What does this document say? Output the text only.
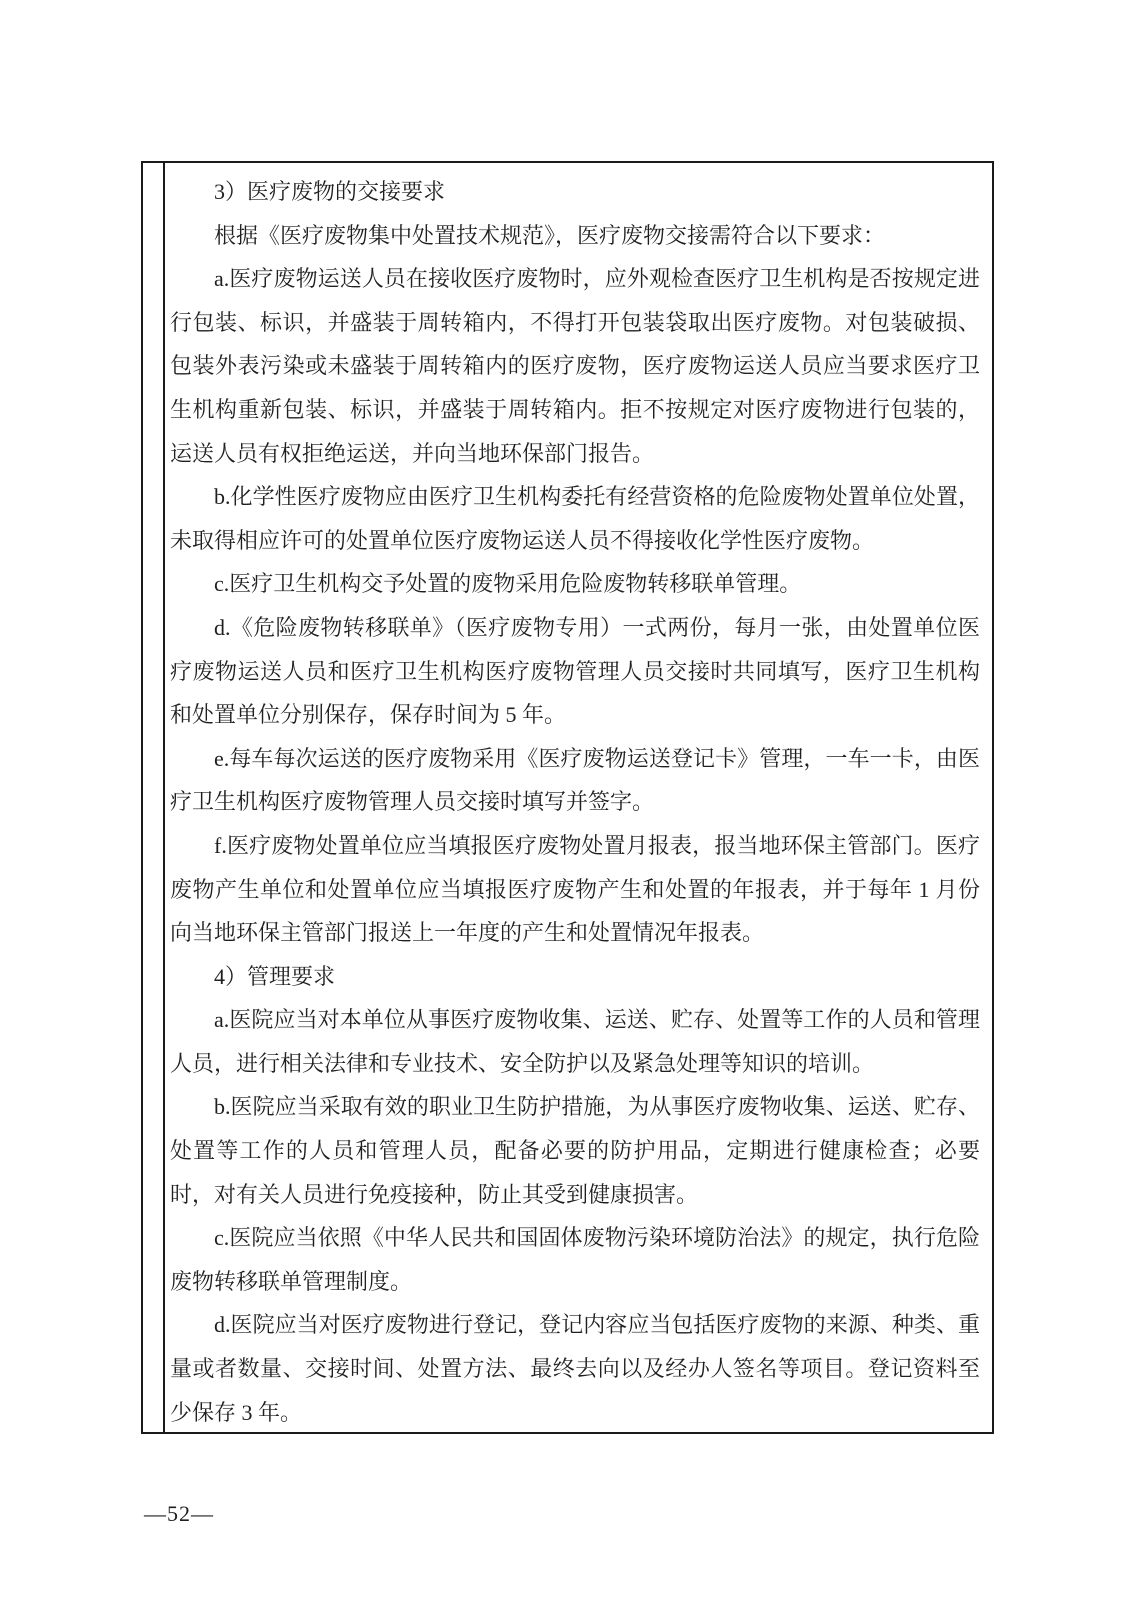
3）医疗废物的交接要求

根据《医疗废物集中处置技术规范》，医疗废物交接需符合以下要求：

a.医疗废物运送人员在接收医疗废物时，应外观检查医疗卫生机构是否按规定进行包装、标识，并盛装于周转箱内，不得打开包装袋取出医疗废物。对包装破损、包装外表污染或未盛装于周转箱内的医疗废物，医疗废物运送人员应当要求医疗卫生机构重新包装、标识，并盛装于周转箱内。拒不按规定对医疗废物进行包装的，运送人员有权拒绝运送，并向当地环保部门报告。

b.化学性医疗废物应由医疗卫生机构委托有经营资格的危险废物处置单位处置，未取得相应许可的处置单位医疗废物运送人员不得接收化学性医疗废物。

c.医疗卫生机构交予处置的废物采用危险废物转移联单管理。

d.《危险废物转移联单》（医疗废物专用）一式两份，每月一张，由处置单位医疗废物运送人员和医疗卫生机构医疗废物管理人员交接时共同填写，医疗卫生机构和处置单位分别保存，保存时间为 5 年。

e.每车每次运送的医疗废物采用《医疗废物运送登记卡》管理，一车一卡，由医疗卫生机构医疗废物管理人员交接时填写并签字。

f.医疗废物处置单位应当填报医疗废物处置月报表，报当地环保主管部门。医疗废物产生单位和处置单位应当填报医疗废物产生和处置的年报表，并于每年 1 月份向当地环保主管部门报送上一年度的产生和处置情况年报表。

4）管理要求

a.医院应当对本单位从事医疗废物收集、运送、贮存、处置等工作的人员和管理人员，进行相关法律和专业技术、安全防护以及紧急处理等知识的培训。

b.医院应当采取有效的职业卫生防护措施，为从事医疗废物收集、运送、贮存、处置等工作的人员和管理人员，配备必要的防护用品，定期进行健康检查；必要时，对有关人员进行免疫接种，防止其受到健康损害。

c.医院应当依照《中华人民共和国固体废物污染环境防治法》的规定，执行危险废物转移联单管理制度。

d.医院应当对医疗废物进行登记，登记内容应当包括医疗废物的来源、种类、重量或者数量、交接时间、处置方法、最终去向以及经办人签名等项目。登记资料至少保存 3 年。

—52—
